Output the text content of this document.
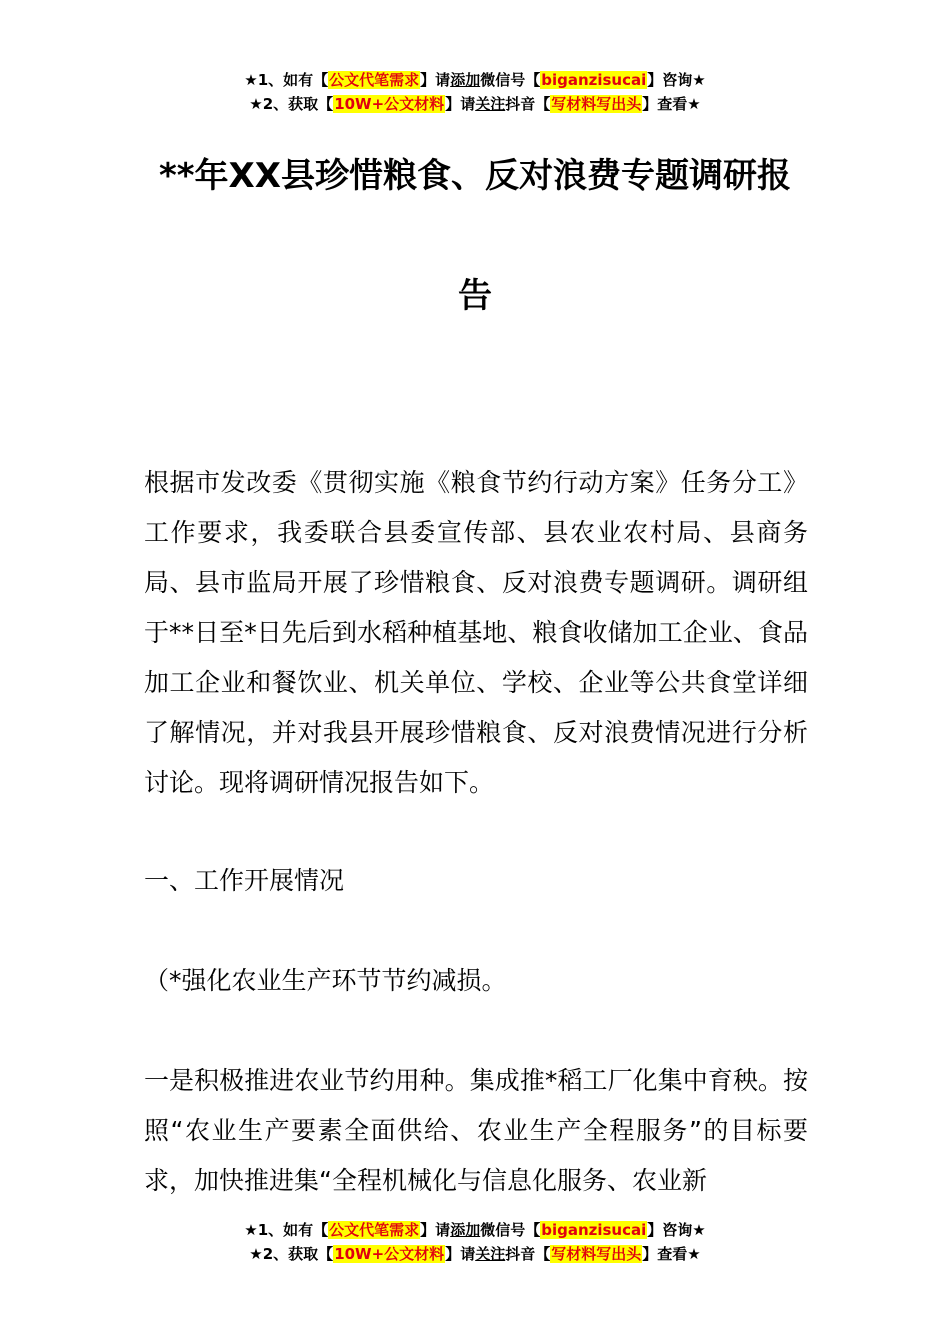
★1、如有【公文代笔需求】请添加微信号【biganzisucai】咨询★
★2、获取【10W+公文材料】请关注抖音【写材料写出头】查看★
**年XX县珍惜粮食、反对浪费专题调研报
告
根据市发改委《贯彻实施《粮食节约行动方案》任务分工》工作要求，我委联合县委宣传部、县农业农村局、县商务局、县市监局开展了珍惜粮食、反对浪费专题调研。调研组于**日至*日先后到水稻种植基地、粮食收储加工企业、食品加工企业和餐饮业、机关单位、学校、企业等公共食堂详细了解情况，并对我县开展珍惜粮食、反对浪费情况进行分析讨论。现将调研情况报告如下。
一、工作开展情况
（*强化农业生产环节节约减损。
一是积极推进农业节约用种。集成推*稻工厂化集中育秧。按照“农业生产要素全面供给、农业生产全程服务”的目标要求，加快推进集“全程机械化与信息化服务、农业新
★1、如有【公文代笔需求】请添加微信号【biganzisucai】咨询★
★2、获取【10W+公文材料】请关注抖音【写材料写出头】查看★
